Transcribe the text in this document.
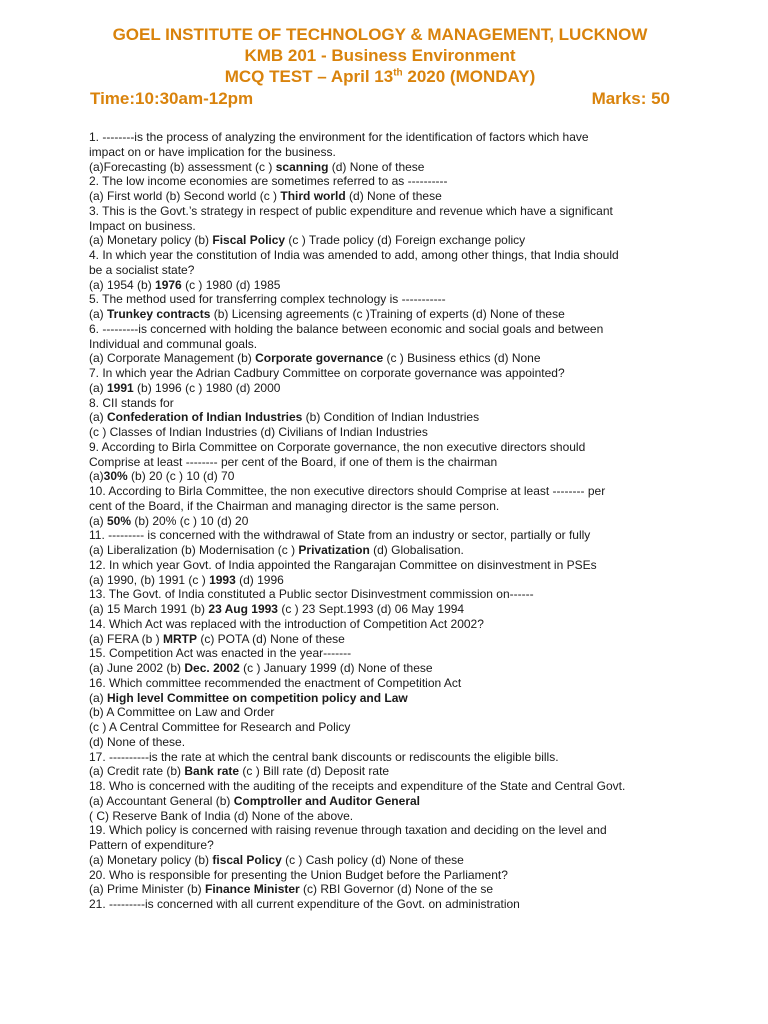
GOEL INSTITUTE OF TECHNOLOGY & MANAGEMENT, LUCKNOW
KMB 201 - Business Environment
MCQ TEST – April 13th 2020 (MONDAY)
Time:10:30am-12pm	Marks: 50
1. --------is the process of analyzing the environment for the identification of factors which have
impact on or have implication for the business.
(a)Forecasting (b) assessment (c ) scanning (d) None of these
2. The low income economies are sometimes referred to as ----------
(a) First world (b) Second world (c ) Third world (d) None of these
3. This is the Govt.’s strategy in respect of public expenditure and revenue which have a significant
Impact on business.
(a) Monetary policy (b) Fiscal Policy (c ) Trade policy (d) Foreign exchange policy
4. In which year the constitution of India was amended to add, among other things, that India should
be a socialist state?
(a) 1954 (b) 1976 (c ) 1980 (d) 1985
5. The method used for transferring complex technology is -----------
(a) Trunkey contracts (b) Licensing agreements (c )Training of experts (d) None of these
6. ---------is concerned with holding the balance between economic and social goals and between
Individual and communal goals.
(a) Corporate Management (b) Corporate governance (c ) Business ethics (d) None
7. In which year the Adrian Cadbury Committee on corporate governance was appointed?
(a) 1991 (b) 1996 (c ) 1980 (d) 2000
8. CII stands for
(a) Confederation of Indian Industries (b) Condition of Indian Industries
(c ) Classes of Indian Industries (d) Civilians of Indian Industries
9. According to Birla Committee on Corporate governance, the non executive directors should
Comprise at least -------- per cent of the Board, if one of them is the chairman
(a)30% (b) 20 (c ) 10 (d) 70
10. According to Birla Committee, the non executive directors should Comprise at least -------- per
cent of the Board, if the Chairman and managing director is the same person.
(a) 50% (b) 20% (c ) 10 (d) 20
11. --------- is concerned with the withdrawal of State from an industry or sector, partially or fully
(a) Liberalization (b) Modernisation (c ) Privatization (d) Globalisation.
12. In which year Govt. of India appointed the Rangarajan Committee on disinvestment in PSEs
(a) 1990, (b) 1991 (c ) 1993 (d) 1996
13. The Govt. of India constituted a Public sector Disinvestment commission on------
(a) 15 March 1991 (b) 23 Aug 1993 (c ) 23 Sept.1993 (d) 06 May 1994
14. Which Act was replaced with the introduction of Competition Act 2002?
(a) FERA (b ) MRTP (c) POTA (d) None of these
15. Competition Act was enacted in the year-------
(a) June 2002 (b) Dec. 2002 (c ) January 1999 (d) None of these
16. Which committee recommended the enactment of Competition Act
(a) High level Committee on competition policy and Law
(b) A Committee on Law and Order
(c ) A Central Committee for Research and Policy
(d) None of these.
17. ----------is the rate at which the central bank discounts or rediscounts the eligible bills.
(a) Credit rate (b) Bank rate (c ) Bill rate (d) Deposit rate
18. Who is concerned with the auditing of the receipts and expenditure of the State and Central Govt.
(a) Accountant General (b) Comptroller and Auditor General
( C) Reserve Bank of India (d) None of the above.
19. Which policy is concerned with raising revenue through taxation and deciding on the level and
Pattern of expenditure?
(a) Monetary policy (b) fiscal Policy (c ) Cash policy (d) None of these
20. Who is responsible for presenting the Union Budget before the Parliament?
(a) Prime Minister (b) Finance Minister (c) RBI Governor (d) None of the se
21. ---------is concerned with all current expenditure of the Govt. on administration
